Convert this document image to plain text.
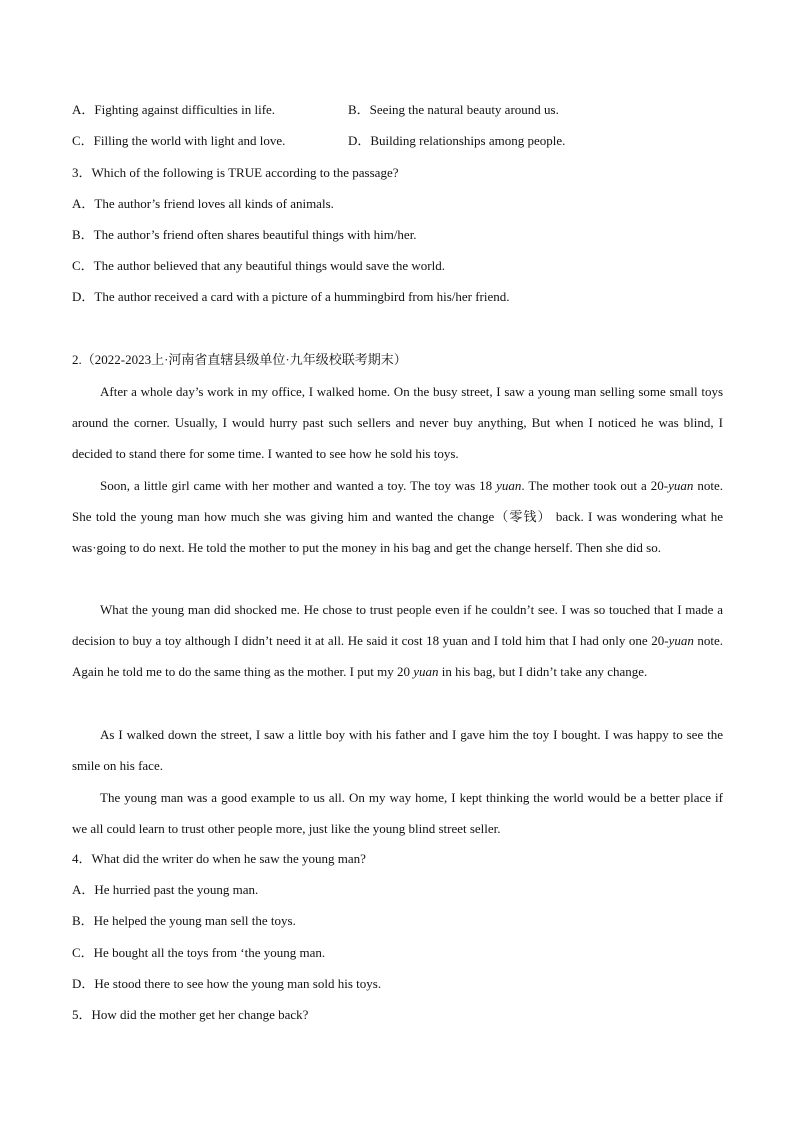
A．Fighting against difficulties in life.	B．Seeing the natural beauty around us.
C．Filling the world with light and love.	D．Building relationships among people.
3．Which of the following is TRUE according to the passage?
A．The author’s friend loves all kinds of animals.
B．The author’s friend often shares beautiful things with him/her.
C．The author believed that any beautiful things would save the world.
D．The author received a card with a picture of a hummingbird from his/her friend.
2.（2022-2023上·河南省直辖县级单位·九年级校联考期末）

After a whole day’s work in my office, I walked home. On the busy street, I saw a young man selling some small toys around the corner. Usually, I would hurry past such sellers and never buy anything, But when I noticed he was blind, I decided to stand there for some time. I wanted to see how he sold his toys.

Soon, a little girl came with her mother and wanted a toy. The toy was 18 yuan. The mother took out a 20-yuan note. She told the young man how much she was giving him and wanted the change（零钱） back. I was wondering what he was·going to do next. He told the mother to put the money in his bag and get the change herself. Then she did so.

What the young man did shocked me. He chose to trust people even if he couldn’t see. I was so touched that I made a decision to buy a toy although I didn’t need it at all. He said it cost 18 yuan and I told him that I had only one 20-yuan note. Again he told me to do the same thing as the mother. I put my 20 yuan in his bag, but I didn’t take any change.

As I walked down the street, I saw a little boy with his father and I gave him the toy I bought. I was happy to see the smile on his face.

The young man was a good example to us all. On my way home, I kept thinking the world would be a better place if we all could learn to trust other people more, just like the young blind street seller.

4．What did the writer do when he saw the young man?
A．He hurried past the young man.
B．He helped the young man sell the toys.
C．He bought all the toys from ‘the young man.
D．He stood there to see how the young man sold his toys.
5．How did the mother get her change back?
